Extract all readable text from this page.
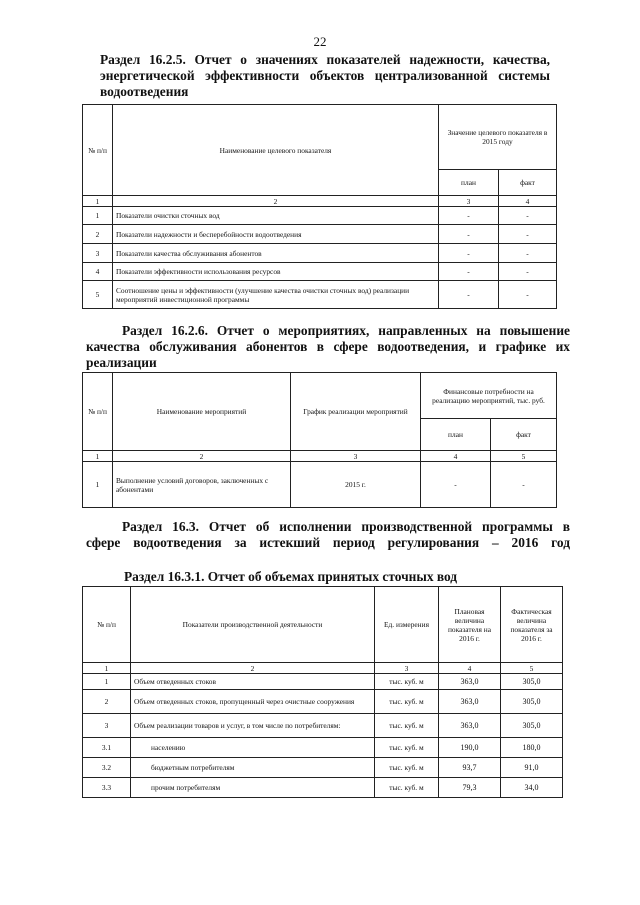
22
Раздел 16.2.5. Отчет о значениях показателей надежности, качества,
энергетической эффективности объектов централизованной системы
водоотведения
№ п/п	Наименование целевого показателя	Значение целевого показателя в 2015 году	
		план	факт
1	2	3	4
1	Показатели очистки сточных вод	-	-
2	Показатели надежности и бесперебойности водоотведения	-	-
3	Показатели качества обслуживания абонентов	-	-
4	Показатели эффективности использования ресурсов	-	-
5	Соотношение цены и эффективности (улучшение качества очистки сточных вод) реализации мероприятий инвестиционной программы	-	-
Раздел 16.2.6. Отчет о мероприятиях, направленных на повышение
качества обслуживания абонентов в сфере водоотведения, и графике их
реализации
№ п/п	Наименование мероприятий	График реализации мероприятий	Финансовые потребности на реализацию мероприятий, тыс. руб.	
			план	факт
1	2	3	4	5
1	Выполнение условий договоров, заключенных с абонентами	2015 г.	-	-
Раздел 16.3. Отчет об исполнении производственной программы в
сфере водоотведения за истекший период регулирования – 2016 год
Раздел 16.3.1. Отчет об объемах принятых сточных вод
№ п/п	Показатели производственной деятельности	Ед. измерения	Плановая величина показателя на 2016 г.	Фактическая величина показателя за 2016 г.
1	2	3	4	5
1	Объем отведенных стоков	тыс. куб. м	363,0	305,0
2	Объем отведенных стоков, пропущенный через очистные сооружения	тыс. куб. м	363,0	305,0
3	Объем реализации товаров и услуг, в том числе по потребителям:	тыс. куб. м	363,0	305,0
3.1	населению	тыс. куб. м	190,0	180,0
3.2	бюджетным потребителям	тыс. куб. м	93,7	91,0
3.3	прочим потребителям	тыс. куб. м	79,3	34,0
